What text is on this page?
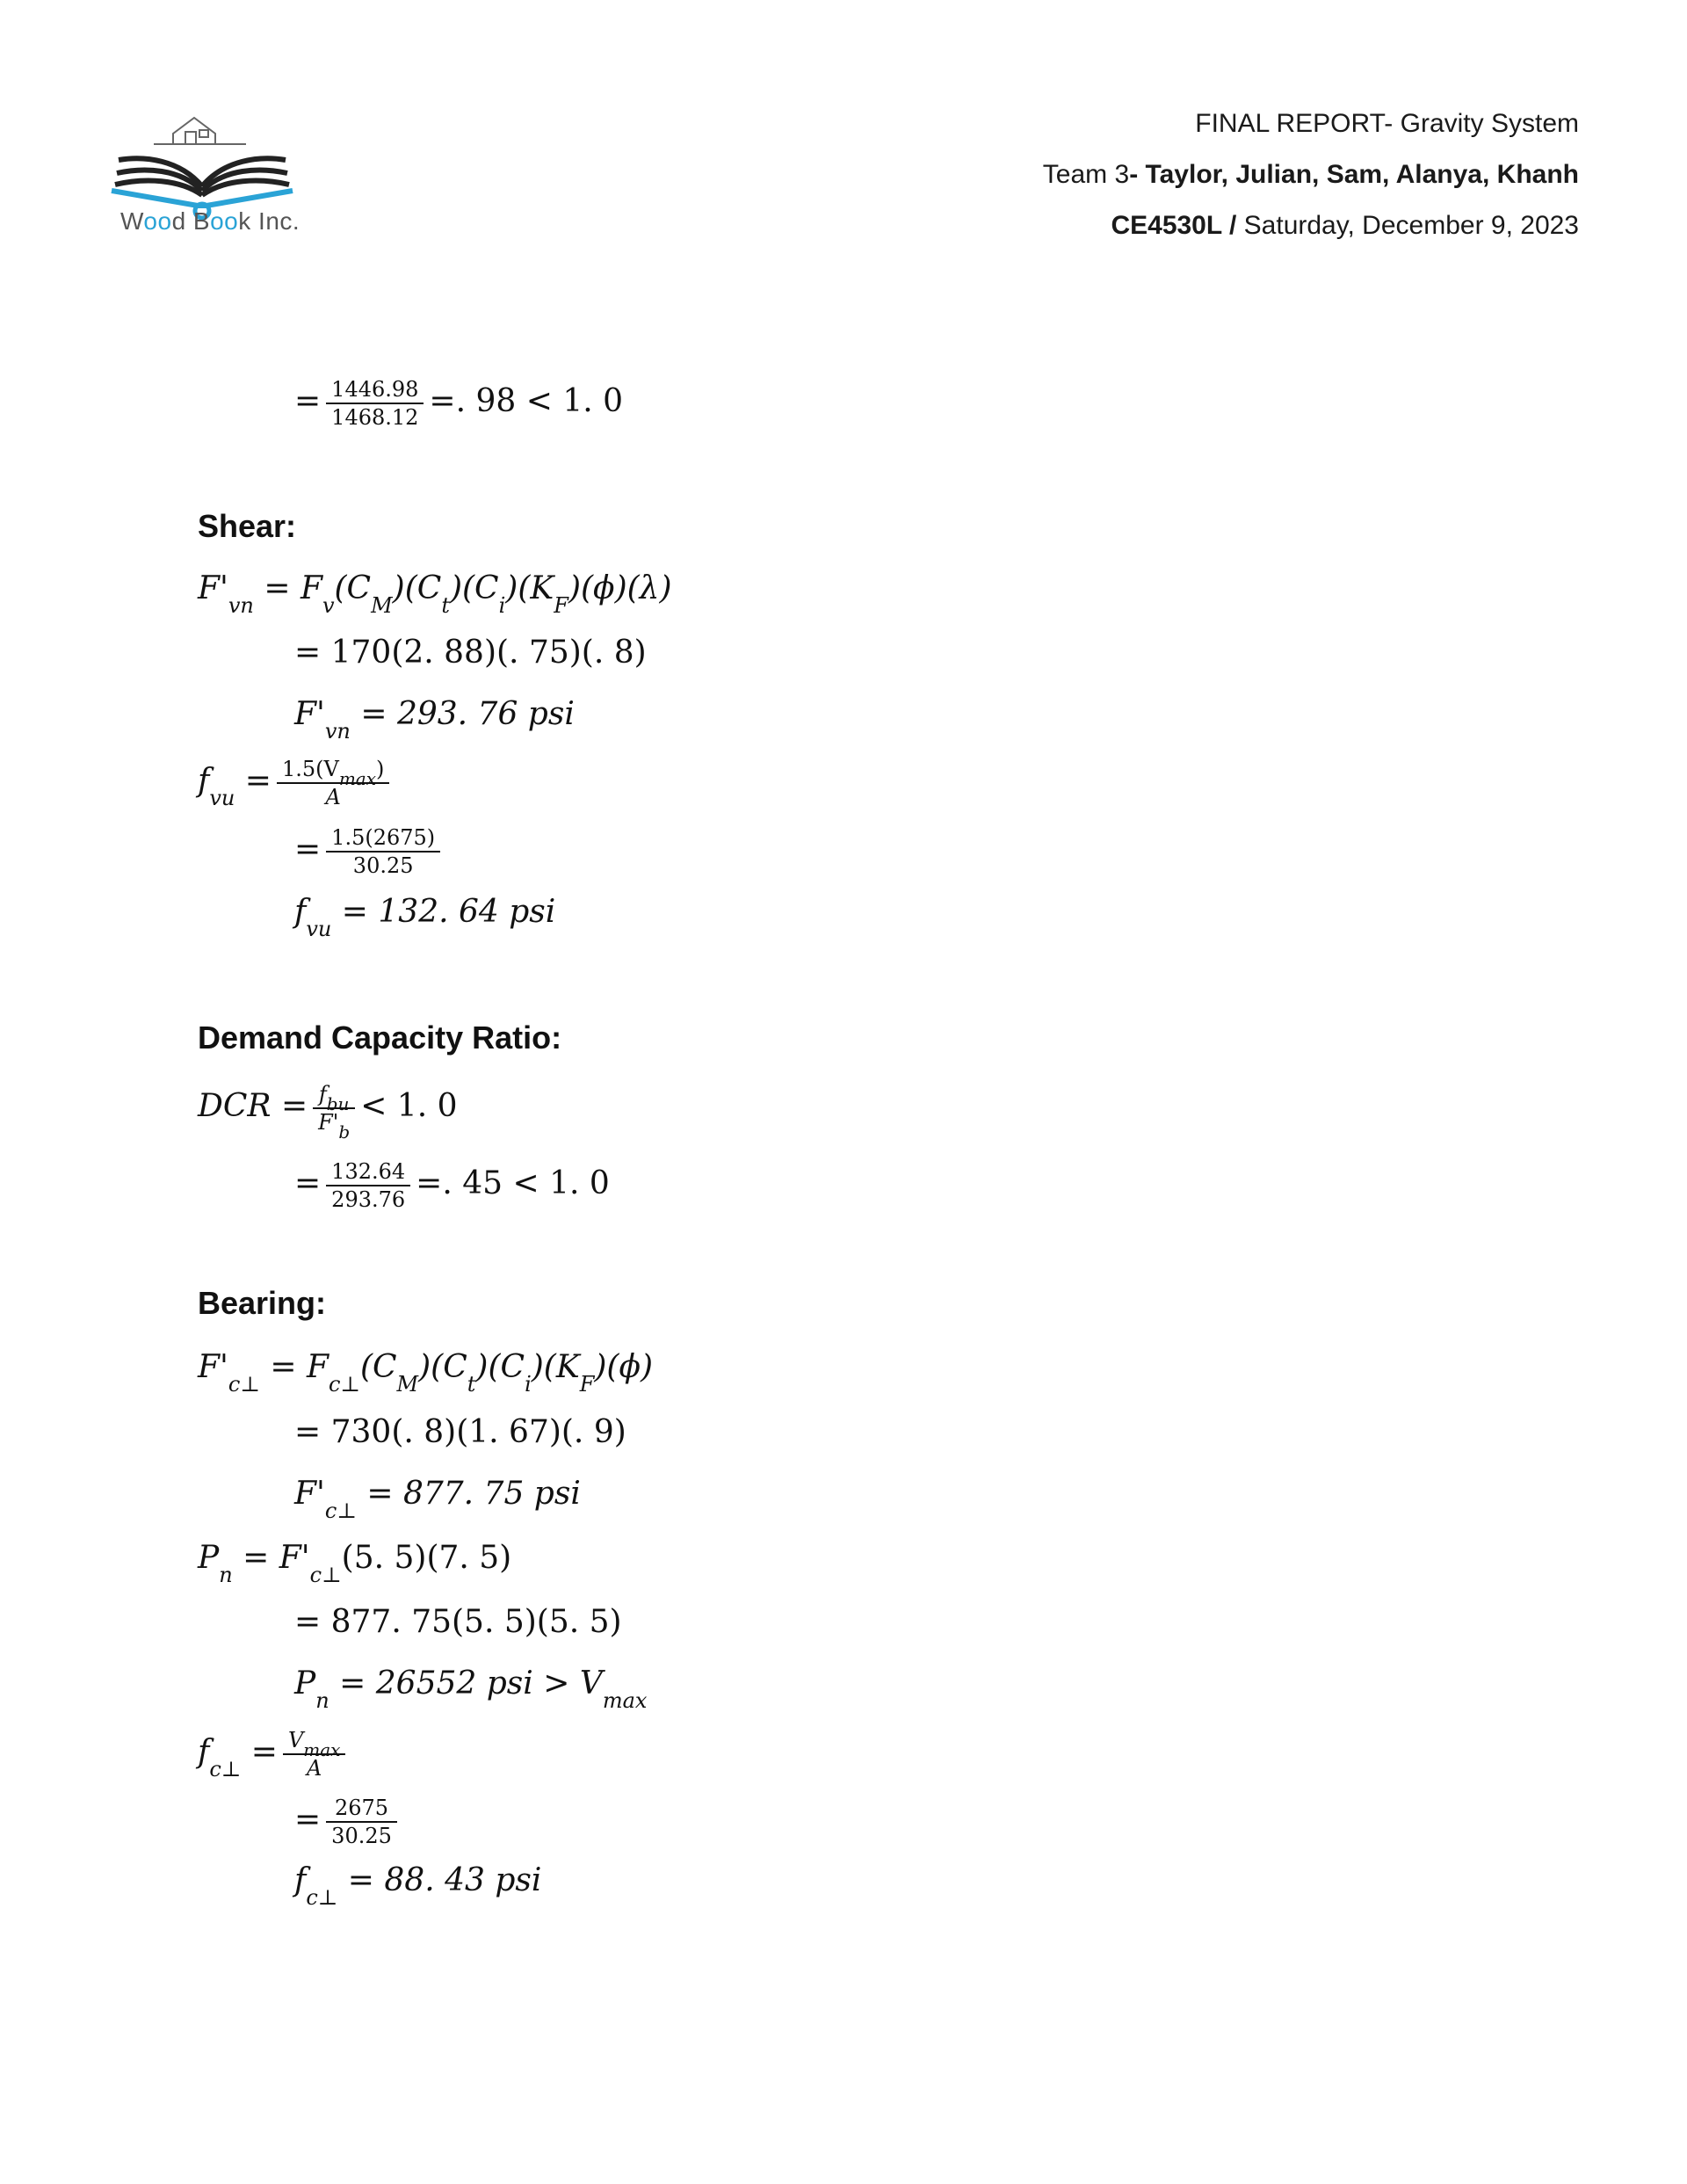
Wood Book Inc.
FINAL REPORT- Gravity System
Team 3- Taylor, Julian, Sam, Alanya, Khanh
CE4530L / Saturday, December 9, 2023
= $\frac{1446.98}{1468.12}$ =. 98 < 1. 0
Shear:
$F'_{vn} = F_v(C_M)(C_t)(C_i)(K_F)(\phi)(\lambda)$
= 170(2. 88)(. 75)(. 8)
$F'_{vn} = 293$. 76 psi
$f_{vu} = \frac{1.5(V_{max})}{A}$
= $\frac{1.5(2675)}{30.25}$
$f_{vu} = 132$. 64 psi
Demand Capacity Ratio:
DCR = $\frac{f_{bu}}{F'_b} < 1$. 0
= $\frac{132.64}{293.76}$ =. 45 < 1. 0
Bearing:
$F'_{c\perp} = F_{c\perp}(C_M)(C_t)(C_i)(K_F)(\phi)$
= 730(. 8)(1. 67)(. 9)
$F'_{c\perp} = 877$. 75 psi
$P_n = F'_{c\perp}(5$. 5)(7. 5)
= 877. 75(5. 5)(5. 5)
$P_n = 26552$ psi > $V_{max}$
$f_{c\perp} = \frac{V_{max}}{A}$
= $\frac{2675}{30.25}$
$f_{c\perp} = 88$. 43 psi
